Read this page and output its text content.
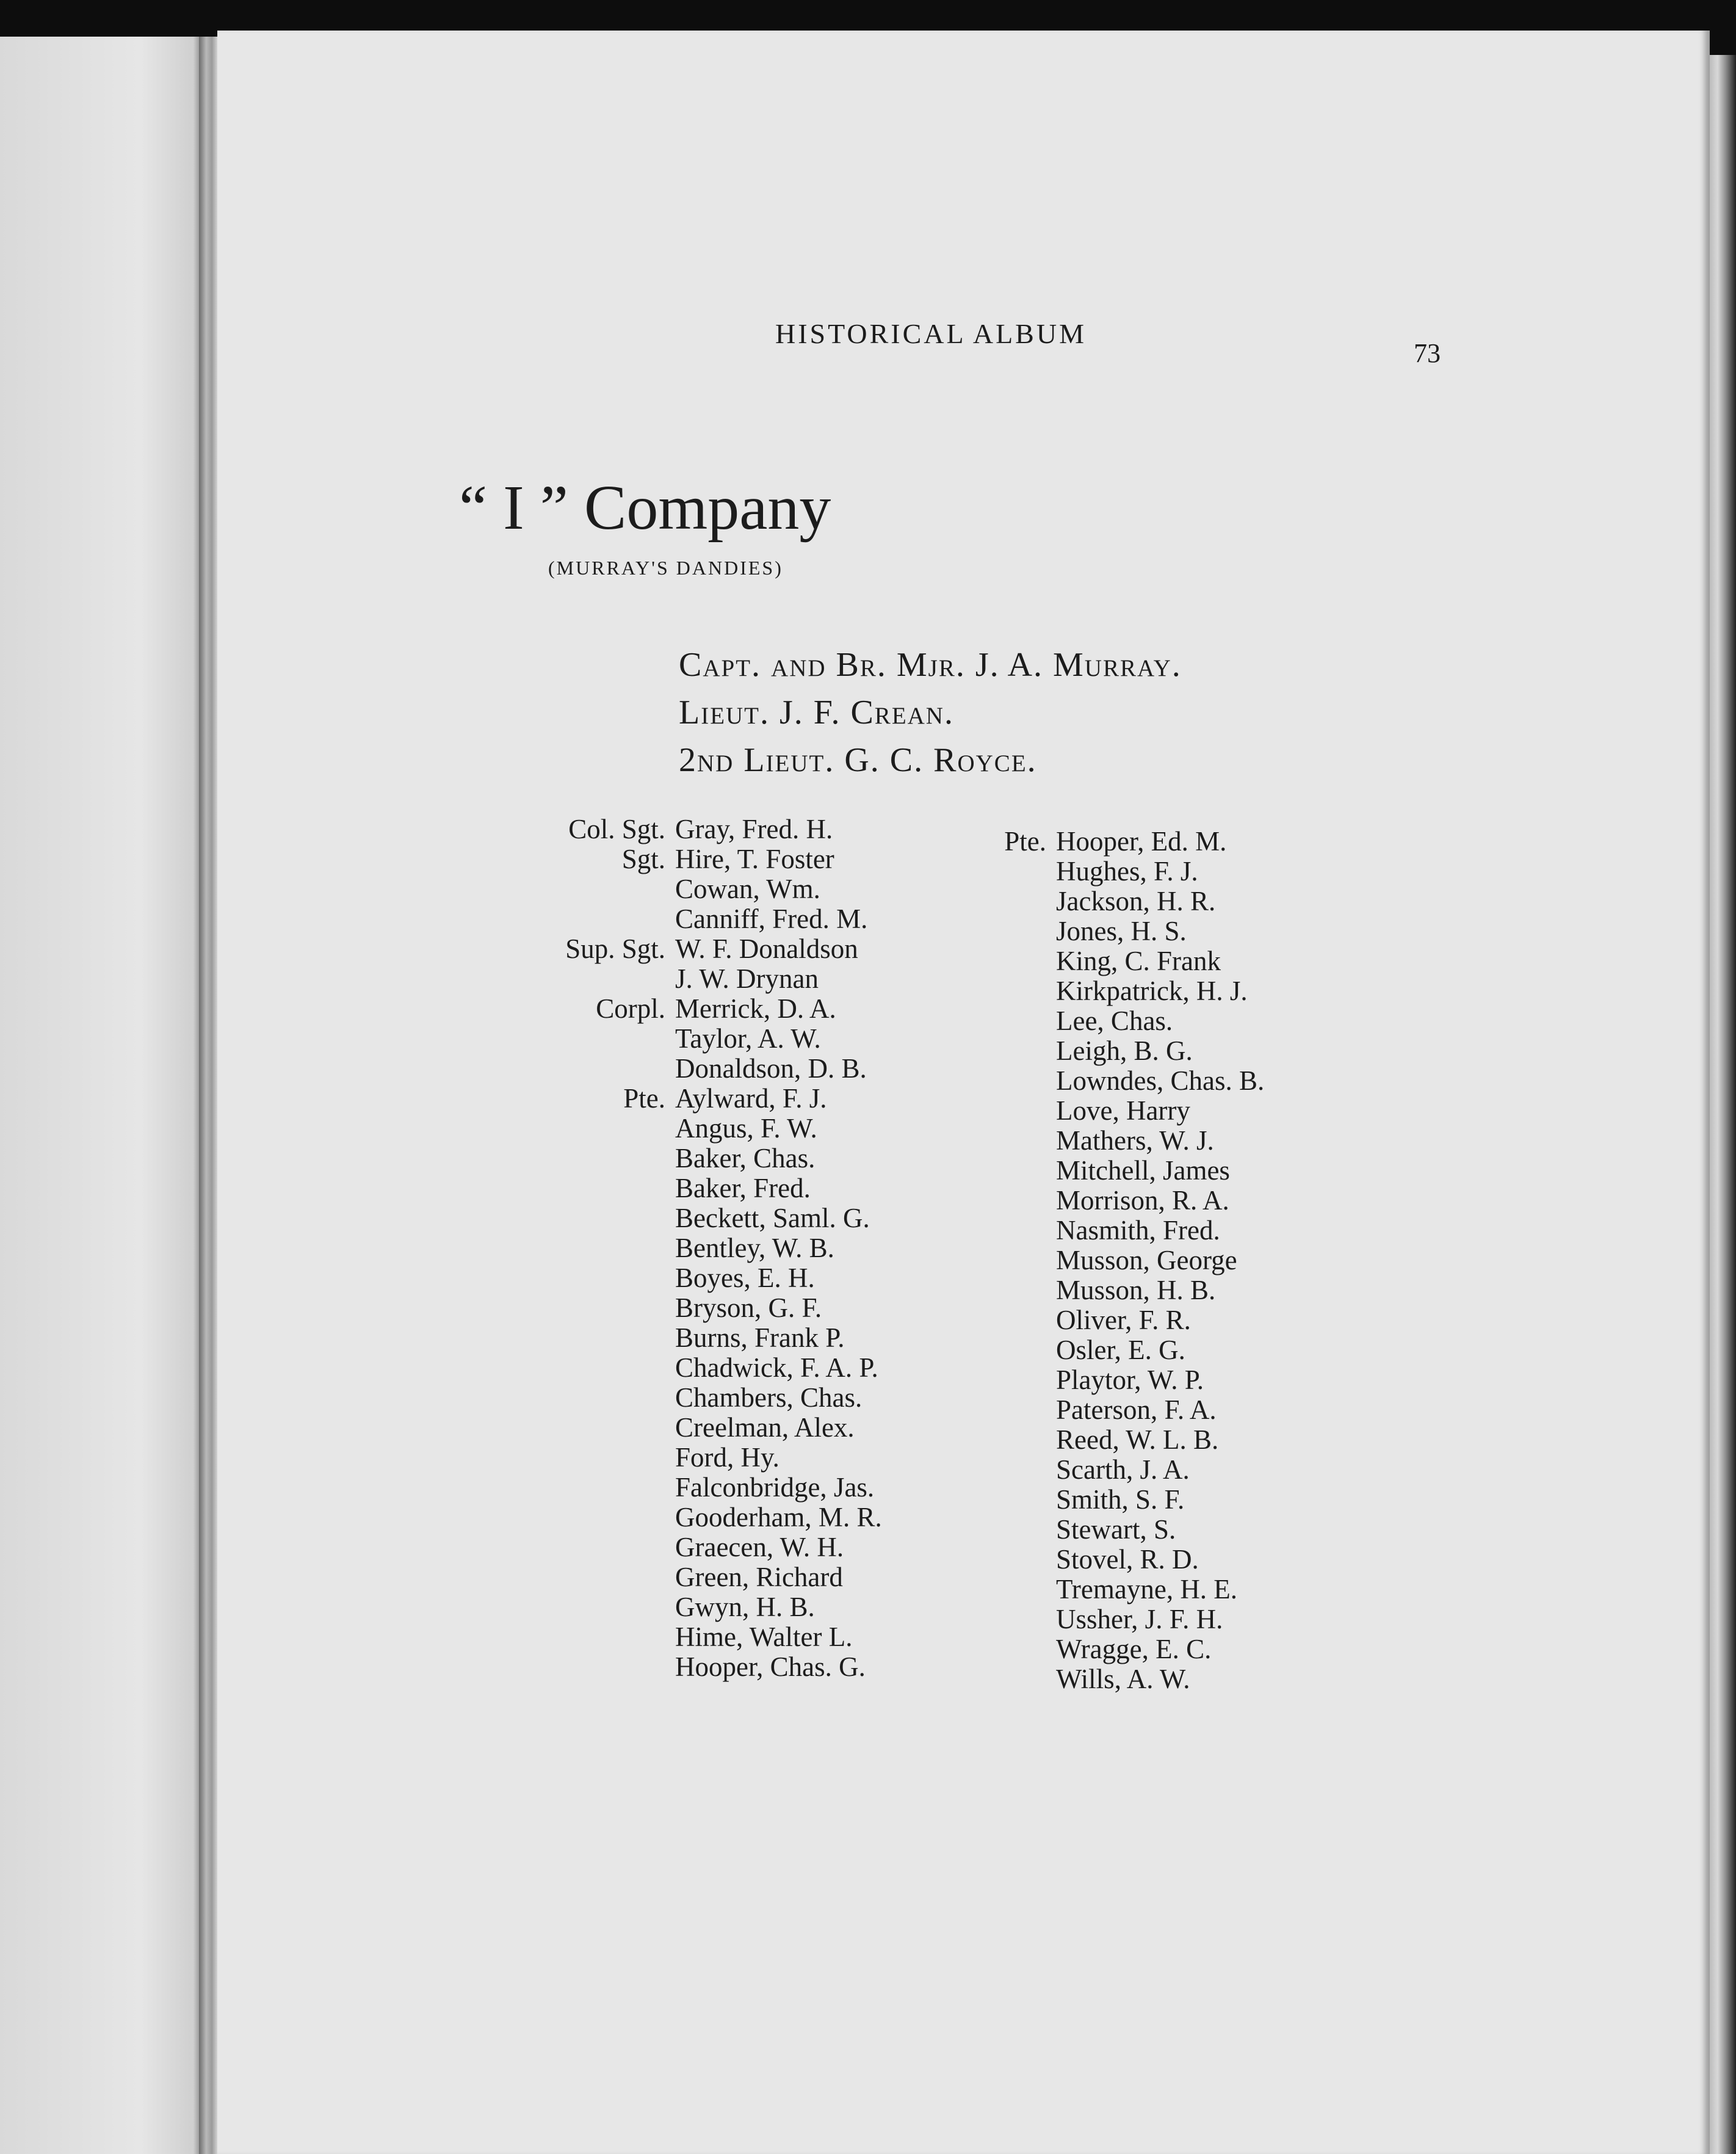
HISTORICAL ALBUM
73
“ I ” Company
(MURRAY'S DANDIES)
Capt. and Br. Mjr. J. A. Murray.
Lieut. J. F. Crean.
2nd Lieut. G. C. Royce.
Col. Sgt. Gray, Fred. H.
Sgt. Hire, T. Foster
Cowan, Wm.
Canniff, Fred. M.
Sup. Sgt. W. F. Donaldson
J. W. Drynan
Corpl. Merrick, D. A.
Taylor, A. W.
Donaldson, D. B.
Pte. Aylward, F. J.
Angus, F. W.
Baker, Chas.
Baker, Fred.
Beckett, Saml. G.
Bentley, W. B.
Boyes, E. H.
Bryson, G. F.
Burns, Frank P.
Chadwick, F. A. P.
Chambers, Chas.
Creelman, Alex.
Ford, Hy.
Falconbridge, Jas.
Gooderham, M. R.
Graecen, W. H.
Green, Richard
Gwyn, H. B.
Hime, Walter L.
Hooper, Chas. G.
Pte. Hooper, Ed. M.
Hughes, F. J.
Jackson, H. R.
Jones, H. S.
King, C. Frank
Kirkpatrick, H. J.
Lee, Chas.
Leigh, B. G.
Lowndes, Chas. B.
Love, Harry
Mathers, W. J.
Mitchell, James
Morrison, R. A.
Nasmith, Fred.
Musson, George
Musson, H. B.
Oliver, F. R.
Osler, E. G.
Playtor, W. P.
Paterson, F. A.
Reed, W. L. B.
Scarth, J. A.
Smith, S. F.
Stewart, S.
Stovel, R. D.
Tremayne, H. E.
Ussher, J. F. H.
Wragge, E. C.
Wills, A. W.
